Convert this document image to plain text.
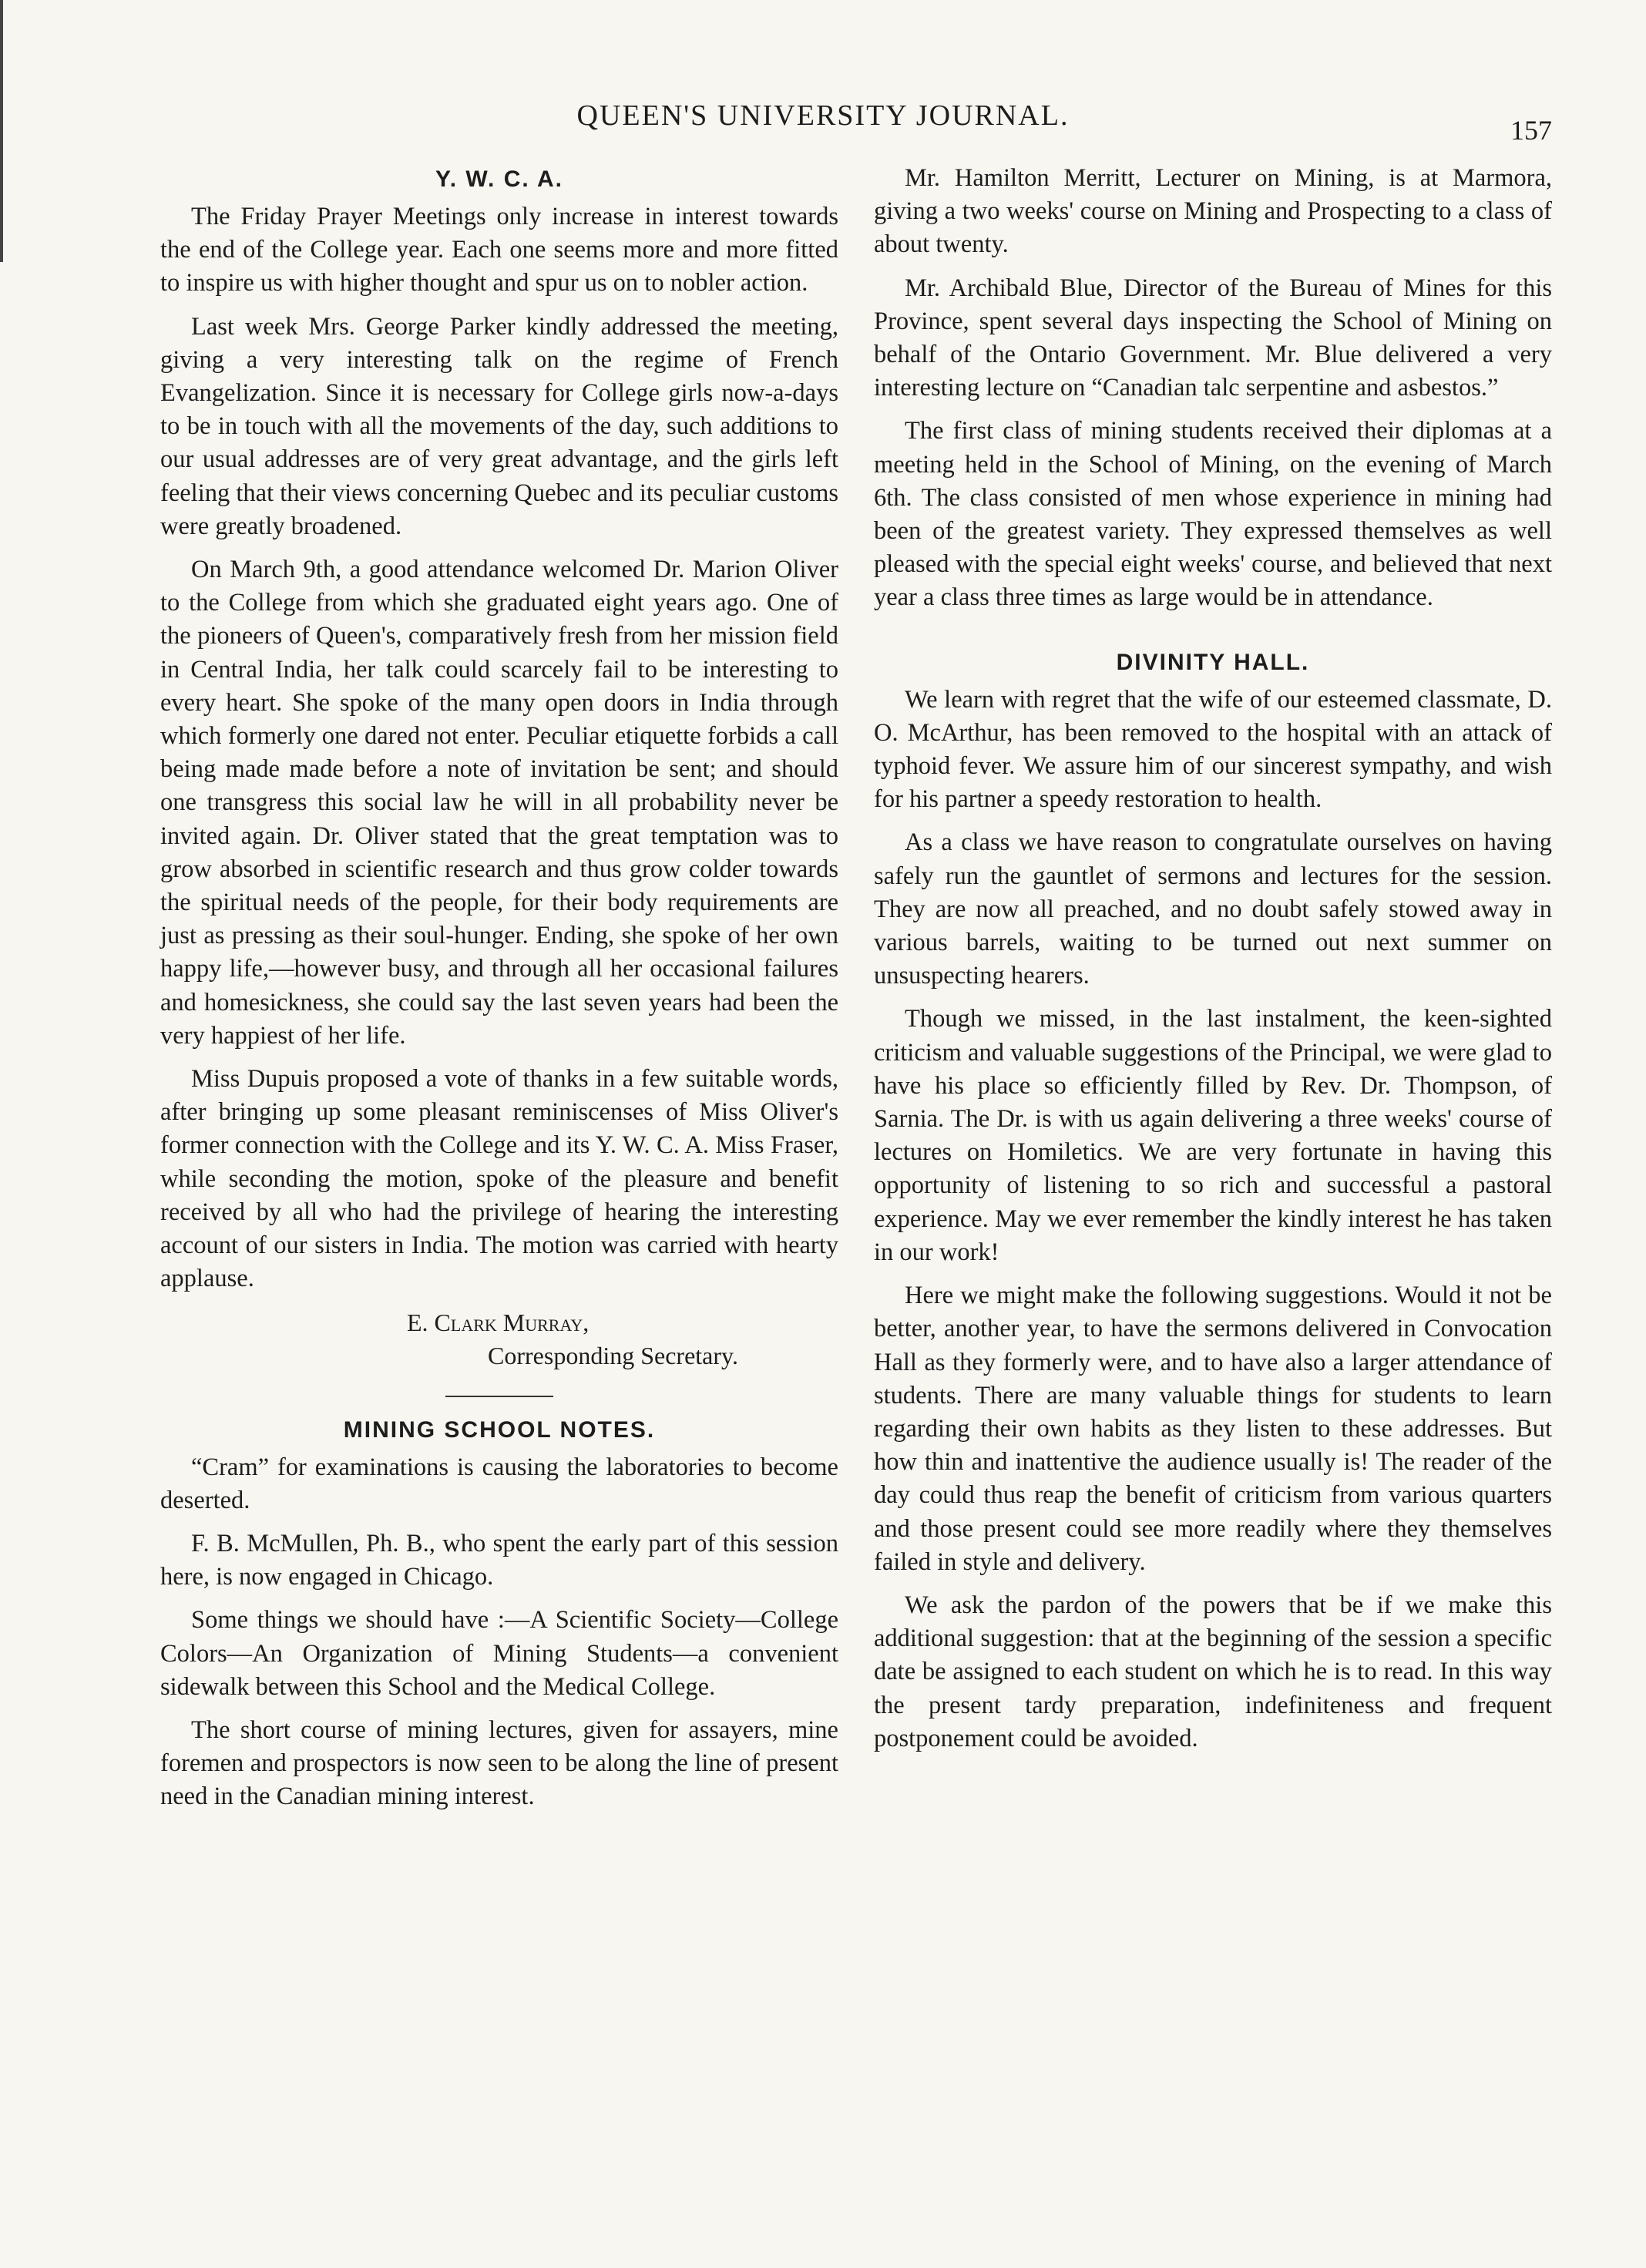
QUEEN'S UNIVERSITY JOURNAL.	157
Y. W. C. A.

The Friday Prayer Meetings only increase in interest towards the end of the College year. Each one seems more and more fitted to inspire us with higher thought and spur us on to nobler action.

Last week Mrs. George Parker kindly addressed the meeting, giving a very interesting talk on the regime of French Evangelization. Since it is necessary for College girls now-a-days to be in touch with all the movements of the day, such additions to our usual addresses are of very great advantage, and the girls left feeling that their views concerning Quebec and its peculiar customs were greatly broadened.

On March 9th, a good attendance welcomed Dr. Marion Oliver to the College from which she graduated eight years ago. One of the pioneers of Queen's, comparatively fresh from her mission field in Central India, her talk could scarcely fail to be interesting to every heart. She spoke of the many open doors in India through which formerly one dared not enter. Peculiar etiquette forbids a call being made made before a note of invitation be sent; and should one transgress this social law he will in all probability never be invited again. Dr. Oliver stated that the great temptation was to grow absorbed in scientific research and thus grow colder towards the spiritual needs of the people, for their body requirements are just as pressing as their soul-hunger. Ending, she spoke of her own happy life,—however busy, and through all her occasional failures and homesickness, she could say the last seven years had been the very happiest of her life.

Miss Dupuis proposed a vote of thanks in a few suitable words, after bringing up some pleasant reminiscenses of Miss Oliver's former connection with the College and its Y. W. C. A. Miss Fraser, while seconding the motion, spoke of the pleasure and benefit received by all who had the privilege of hearing the interesting account of our sisters in India. The motion was carried with hearty applause.

E. Clark Murray,
Corresponding Secretary.
MINING SCHOOL NOTES.

“Cram” for examinations is causing the laboratories to become deserted.

F. B. McMullen, Ph. B., who spent the early part of this session here, is now engaged in Chicago.

Some things we should have :—A Scientific Society—College Colors—An Organization of Mining Students—a convenient sidewalk between this School and the Medical College.

The short course of mining lectures, given for assayers, mine foremen and prospectors is now seen to be along the line of present need in the Canadian mining interest.

Mr. Hamilton Merritt, Lecturer on Mining, is at Marmora, giving a two weeks' course on Mining and Prospecting to a class of about twenty.

Mr. Archibald Blue, Director of the Bureau of Mines for this Province, spent several days inspecting the School of Mining on behalf of the Ontario Government. Mr. Blue delivered a very interesting lecture on “Canadian talc serpentine and asbestos.”

The first class of mining students received their diplomas at a meeting held in the School of Mining, on the evening of March 6th. The class consisted of men whose experience in mining had been of the greatest variety. They expressed themselves as well pleased with the special eight weeks' course, and believed that next year a class three times as large would be in attendance.

DIVINITY HALL.

We learn with regret that the wife of our esteemed classmate, D. O. McArthur, has been removed to the hospital with an attack of typhoid fever. We assure him of our sincerest sympathy, and wish for his partner a speedy restoration to health.

As a class we have reason to congratulate ourselves on having safely run the gauntlet of sermons and lectures for the session. They are now all preached, and no doubt safely stowed away in various barrels, waiting to be turned out next summer on unsuspecting hearers.

Though we missed, in the last instalment, the keen-sighted criticism and valuable suggestions of the Principal, we were glad to have his place so efficiently filled by Rev. Dr. Thompson, of Sarnia. The Dr. is with us again delivering a three weeks' course of lectures on Homiletics. We are very fortunate in having this opportunity of listening to so rich and successful a pastoral experience. May we ever remember the kindly interest he has taken in our work!

Here we might make the following suggestions. Would it not be better, another year, to have the sermons delivered in Convocation Hall as they formerly were, and to have also a larger attendance of students. There are many valuable things for students to learn regarding their own habits as they listen to these addresses. But how thin and inattentive the audience usually is! The reader of the day could thus reap the benefit of criticism from various quarters and those present could see more readily where they themselves failed in style and delivery.

We ask the pardon of the powers that be if we make this additional suggestion: that at the beginning of the session a specific date be assigned to each student on which he is to read. In this way the present tardy preparation, indefiniteness and frequent postponement could be avoided.
